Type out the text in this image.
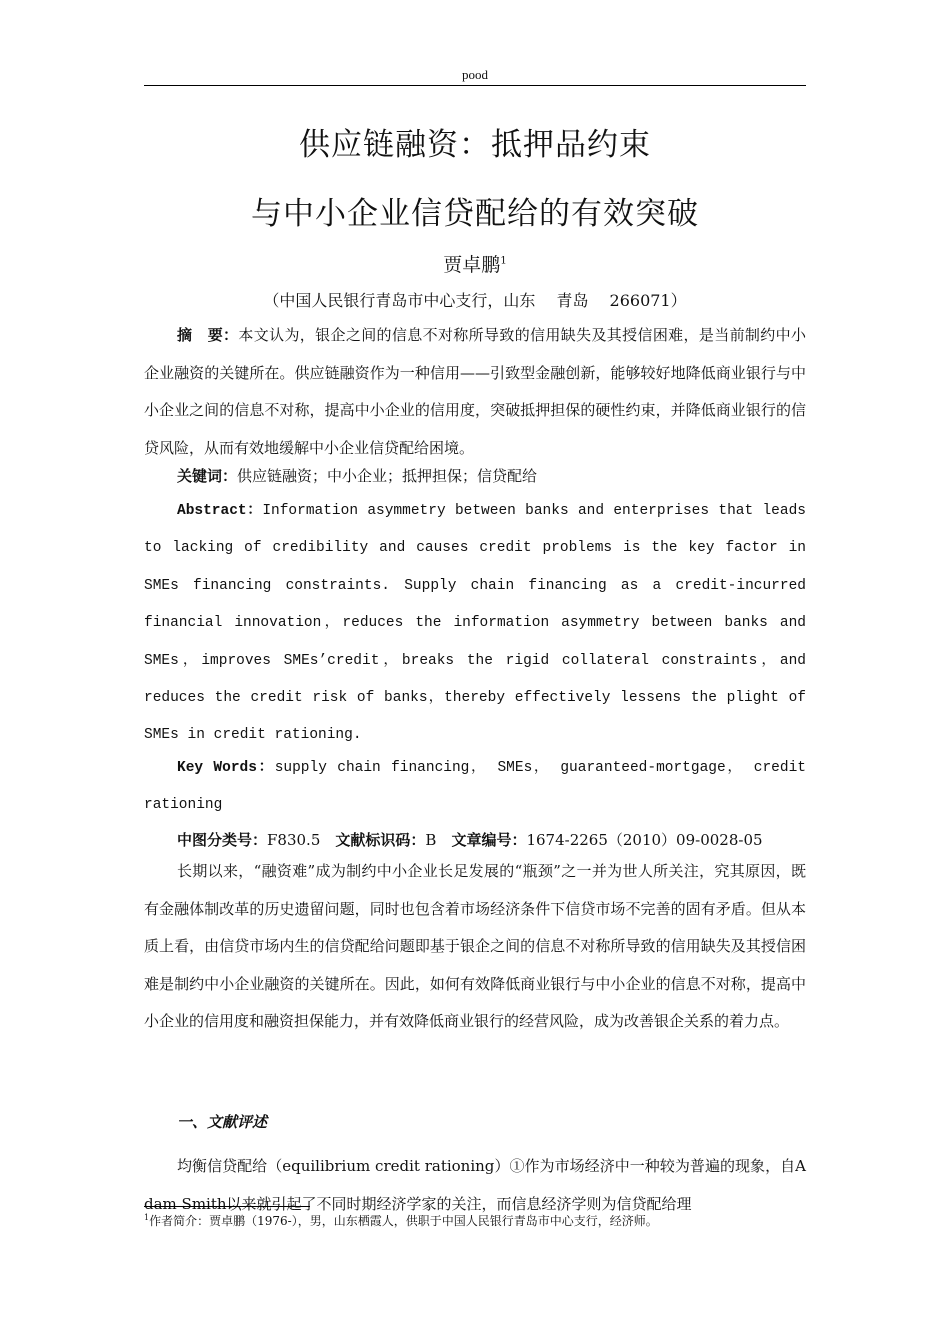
pood
供应链融资：抵押品约束
与中小企业信贷配给的有效突破
贾卓鹏$^1$
（中国人民银行青岛市中心支行，山东　 青岛　 266071）

摘　要：本文认为，银企之间的信息不对称所导致的信用缺失及其授信困难，是当前制约中小企业融资的关键所在。供应链融资作为一种信用——引致型金融创新，能够较好地降低商业银行与中小企业之间的信息不对称，提高中小企业的信用度，突破抵押担保的硬性约束，并降低商业银行的信贷风险，从而有效地缓解中小企业信贷配给困境。

关键词：供应链融资；中小企业；抵押担保；信贷配给

Abstract：Information asymmetry between banks and enterprises that leads to lacking of credibility and causes credit problems is the key factor in SMEs financing constraints. Supply chain financing as a credit-incurred financial innovation，reduces the information asymmetry between banks and SMEs，improves SMEs’credit，breaks the rigid collateral constraints，and reduces the credit risk of banks，thereby effectively lessens the plight of SMEs in credit rationing.

Key Words：supply chain financing， SMEs， guaranteed-mortgage， credit rationing

中图分类号：F830.5　 文献标识码：B　 文章编号：1674-2265（2010）09-0028-05

长期以来，“融资难”成为制约中小企业长足发展的“瓶颈”之一并为世人所关注，究其原因，既有金融体制改革的历史遗留问题，同时也包含着市场经济条件下信贷市场不完善的固有矛盾。但从本质上看，由信贷市场内生的信贷配给问题即基于银企之间的信息不对称所导致的信用缺失及其授信困难是制约中小企业融资的关键所在。因此，如何有效降低商业银行与中小企业的信息不对称，提高中小企业的信用度和融资担保能力，并有效降低商业银行的经营风险，成为改善银企关系的着力点。

一、文献评述

均衡信贷配给（equilibrium credit rationing）①作为市场经济中一种较为普遍的现象，自Adam Smith以来就引起了不同时期经济学家的关注，而信息经济学则为信贷配给理

$^1$作者简介：贾卓鹏（1976-），男，山东栖霞人，供职于中国人民银行青岛市中心支行，经济师。
